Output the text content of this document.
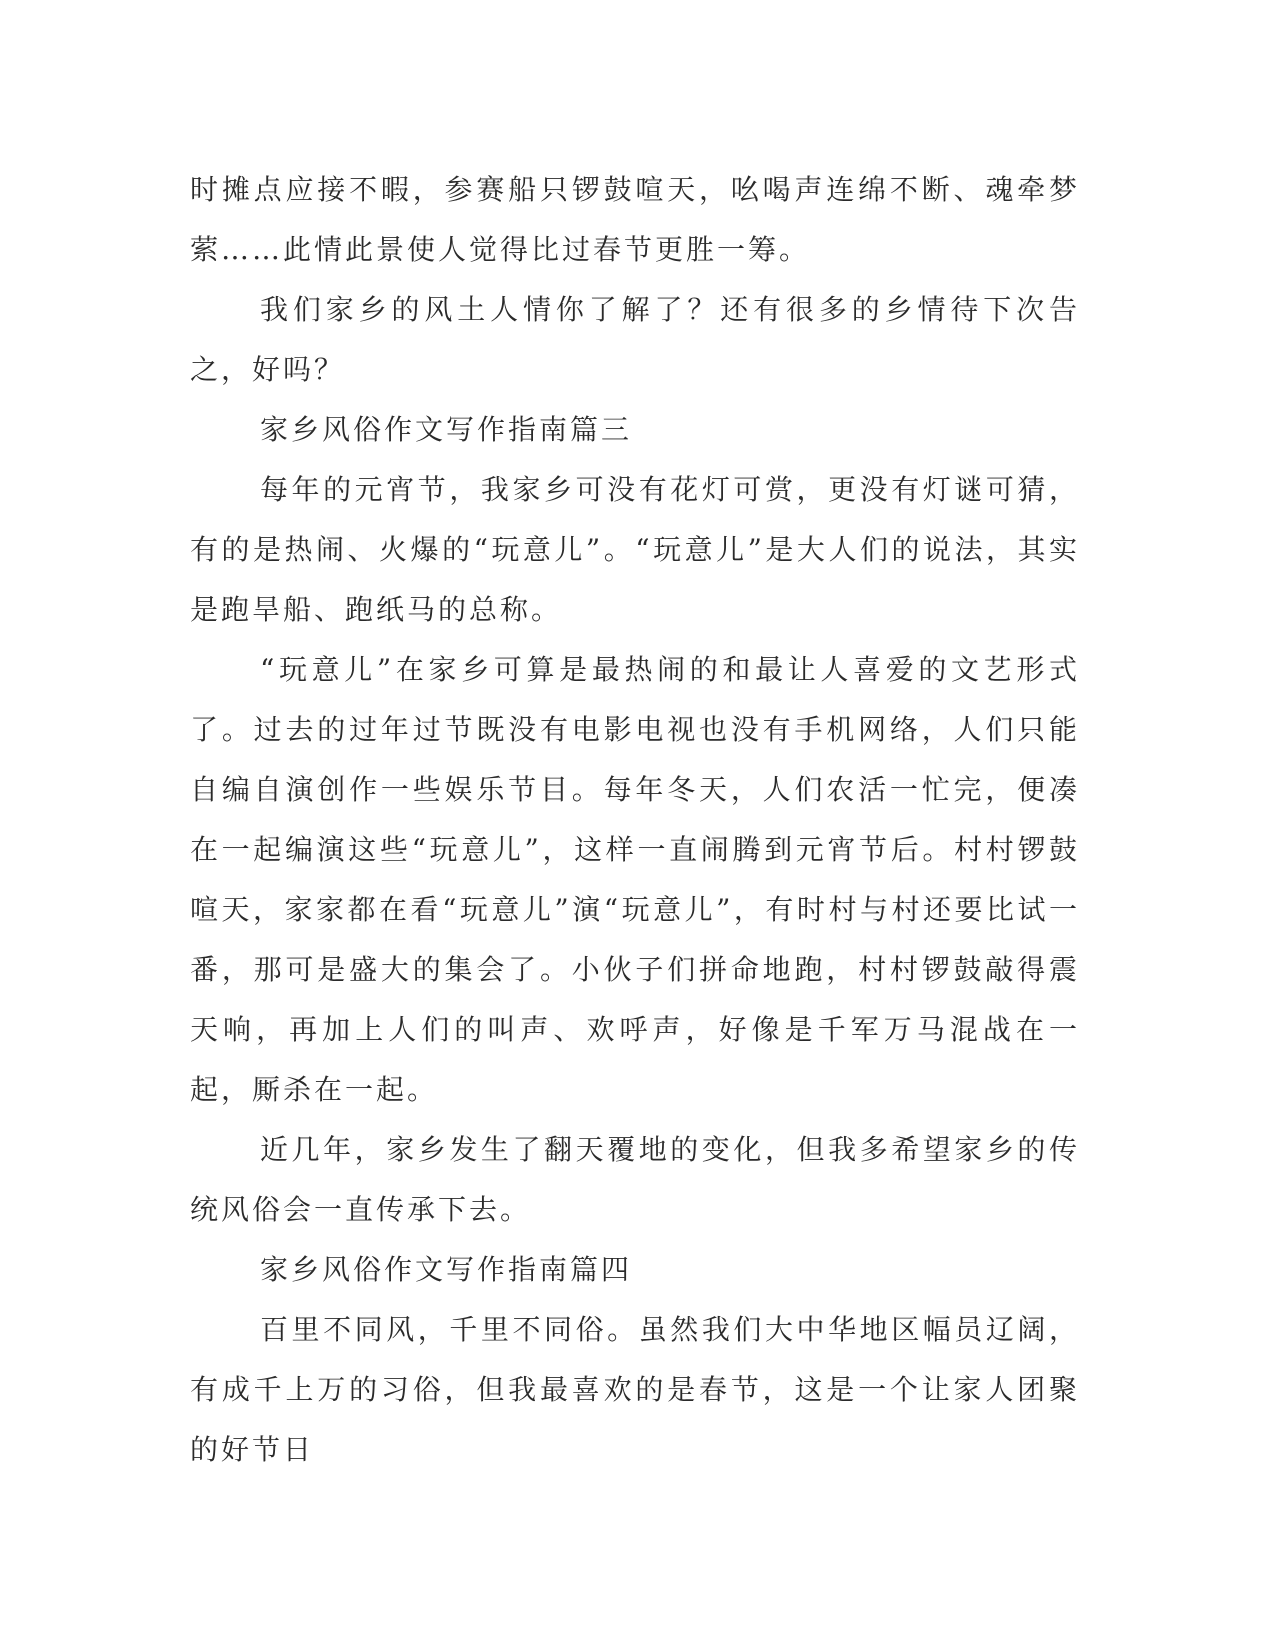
时摊点应接不暇，参赛船只锣鼓喧天，吆喝声连绵不断、魂牵梦萦……此情此景使人觉得比过春节更胜一筹。

我们家乡的风土人情你了解了？还有很多的乡情待下次告之，好吗？

家乡风俗作文写作指南篇三

每年的元宵节，我家乡可没有花灯可赏，更没有灯谜可猜，有的是热闹、火爆的“玩意儿”。“玩意儿”是大人们的说法，其实是跑旱船、跑纸马的总称。

“玩意儿”在家乡可算是最热闹的和最让人喜爱的文艺形式了。过去的过年过节既没有电影电视也没有手机网络，人们只能自编自演创作一些娱乐节目。每年冬天，人们农活一忙完，便凑在一起编演这些“玩意儿”，这样一直闹腾到元宵节后。村村锣鼓喧天，家家都在看“玩意儿”演“玩意儿”，有时村与村还要比试一番，那可是盛大的集会了。小伙子们拼命地跑，村村锣鼓敲得震天响，再加上人们的叫声、欢呼声，好像是千军万马混战在一起，厮杀在一起。

近几年，家乡发生了翻天覆地的变化，但我多希望家乡的传统风俗会一直传承下去。

家乡风俗作文写作指南篇四

百里不同风，千里不同俗。虽然我们大中华地区幅员辽阔，有成千上万的习俗，但我最喜欢的是春节，这是一个让家人团聚的好节日
